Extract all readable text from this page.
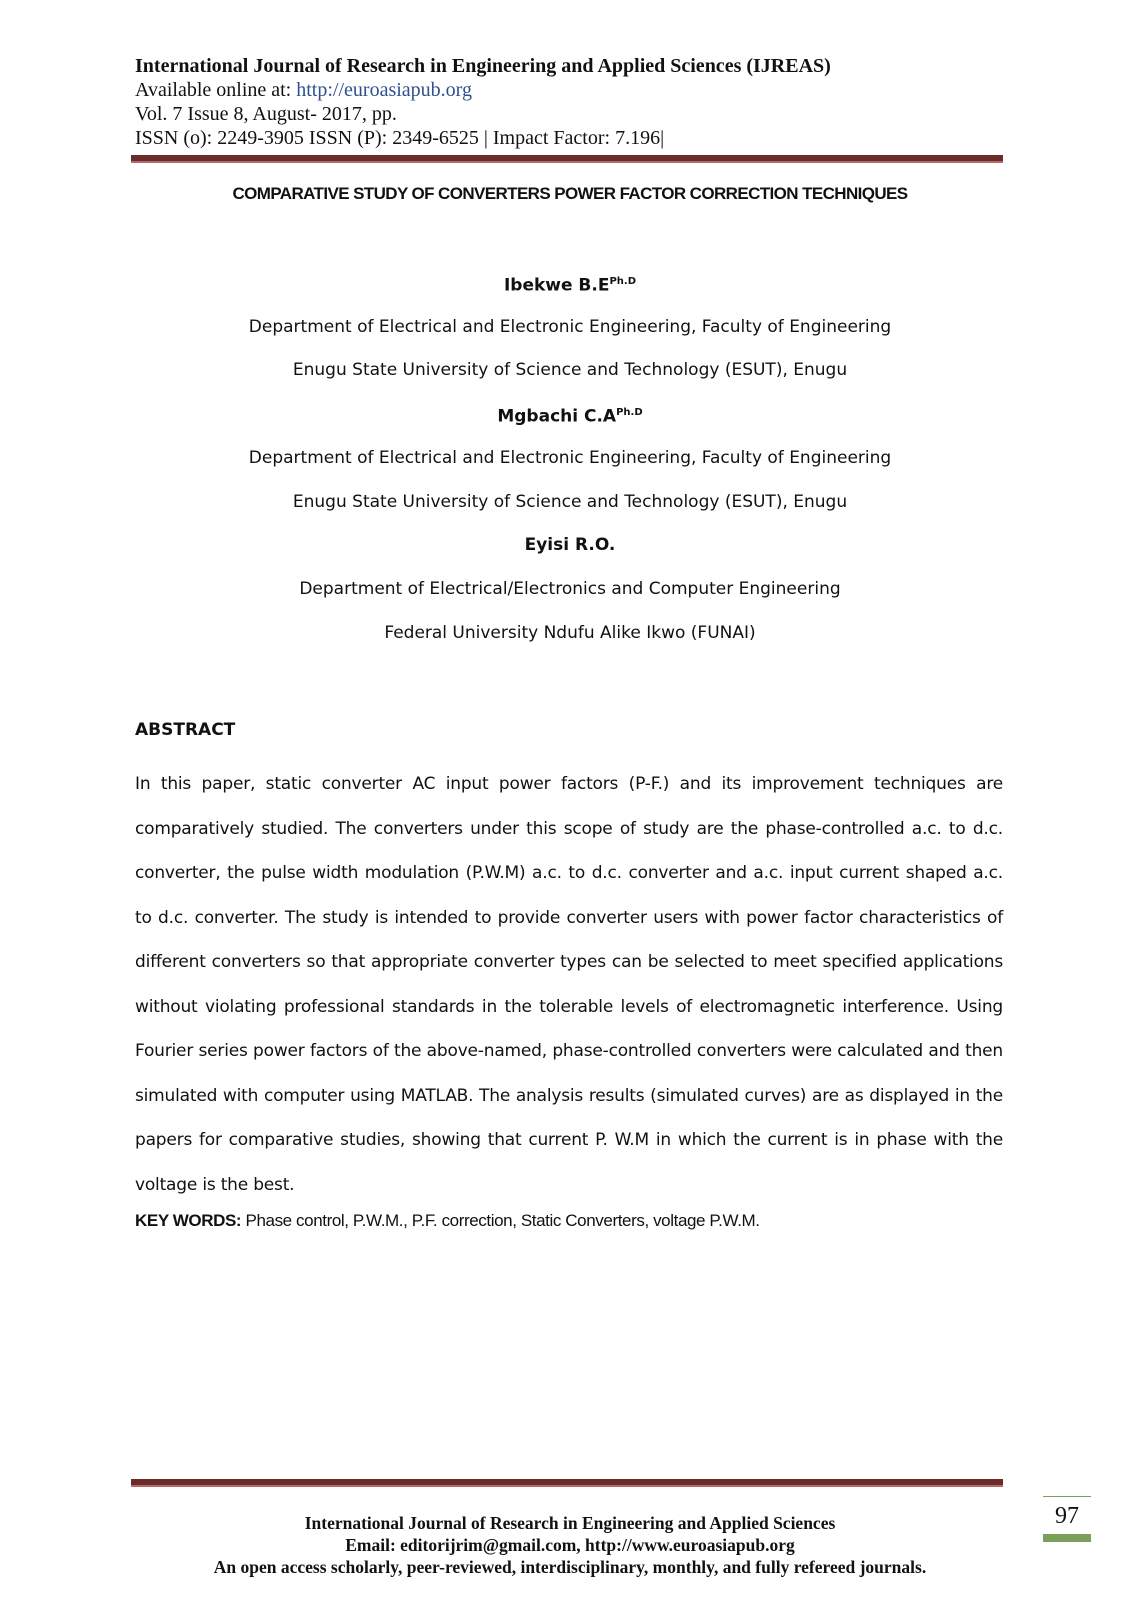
International Journal of Research in Engineering and Applied Sciences (IJREAS)
Available online at: http://euroasiapub.org
Vol. 7 Issue 8, August- 2017, pp.
ISSN (o): 2249-3905 ISSN (P): 2349-6525 | Impact Factor: 7.196|
COMPARATIVE STUDY OF CONVERTERS POWER FACTOR CORRECTION TECHNIQUES
Ibekwe $B.E^{Ph.D}$
Department of Electrical and Electronic Engineering, Faculty of Engineering
Enugu State University of Science and Technology (ESUT), Enugu
Mgbachi $C.A^{Ph.D}$
Department of Electrical and Electronic Engineering, Faculty of Engineering
Enugu State University of Science and Technology (ESUT), Enugu
Eyisi R.O.
Department of Electrical/Electronics and Computer Engineering
Federal University Ndufu Alike Ikwo (FUNAI)
ABSTRACT
In this paper, static converter AC input power factors (P-F.) and its improvement techniques are comparatively studied. The converters under this scope of study are the phase-controlled a.c. to d.c. converter, the pulse width modulation (P.W.M) a.c. to d.c. converter and a.c. input current shaped a.c. to d.c. converter. The study is intended to provide converter users with power factor characteristics of different converters so that appropriate converter types can be selected to meet specified applications without violating professional standards in the tolerable levels of electromagnetic interference. Using Fourier series power factors of the above-named, phase-controlled converters were calculated and then simulated with computer using MATLAB. The analysis results (simulated curves) are as displayed in the papers for comparative studies, showing that current P. W.M in which the current is in phase with the voltage is the best.
KEY WORDS: Phase control, P.W.M., P.F. correction, Static Converters, voltage P.W.M.
International Journal of Research in Engineering and Applied Sciences
Email: editorijrim@gmail.com, http://www.euroasiapub.org
An open access scholarly, peer-reviewed, interdisciplinary, monthly, and fully refereed journals.
97
